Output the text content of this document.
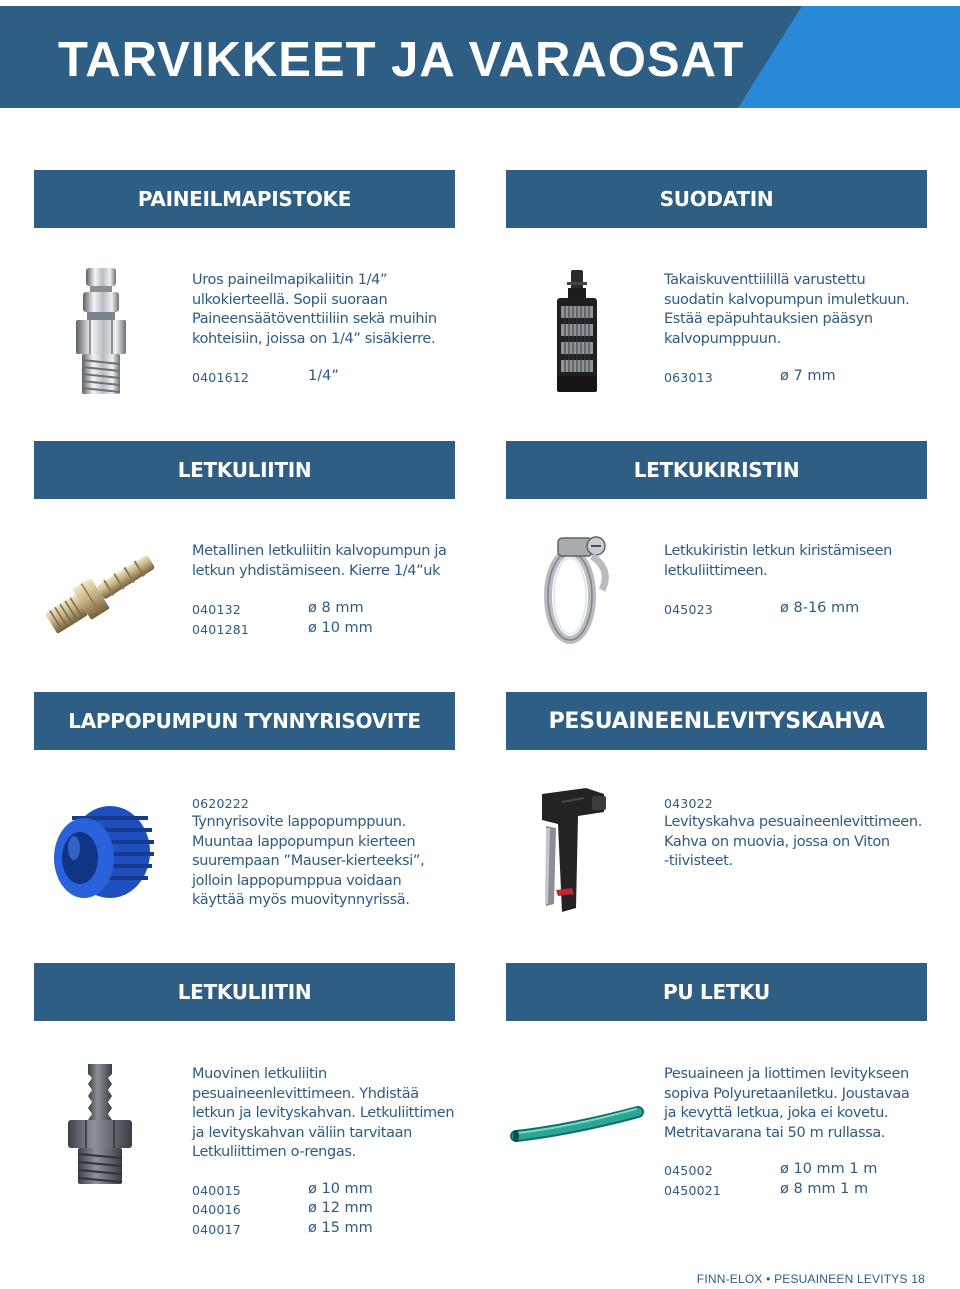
TARVIKKEET JA VARAOSAT
PAINEILMAPISTOKE	SUODATIN
Uros paineilmapikaliitin 1/4”
ulkokierteellä. Sopii suoraan
Paineensäätöventtiiliin sekä muihin
kohteisiin, joissa on 1/4” sisäkierre.
0401612	1/4”
Takaiskuventtiilillä varustettu
suodatin kalvopumpun imuletkuun.
Estää epäpuhtauksien pääsyn
kalvopumppuun.
063013	ø 7 mm
LETKULIITIN	LETKUKIRISTIN
Metallinen letkuliitin kalvopumpun ja
letkun yhdistämiseen. Kierre 1/4”uk
040132	ø 8 mm
0401281	ø 10 mm
Letkukiristin letkun kiristämiseen
letkuliittimeen.
045023	ø 8-16 mm
LAPPOPUMPUN TYNNYRISOVITE	PESUAINEENLEVITYSKAHVA
0620222
Tynnyrisovite lappopumppuun.
Muuntaa lappopumpun kierteen
suurempaan ”Mauser-kierteeksi”,
jolloin lappopumppua voidaan
käyttää myös muovitynnyrissä.
043022
Levityskahva pesuaineenlevittimeen.
Kahva on muovia, jossa on Viton
-tiivisteet.
LETKULIITIN	PU LETKU
Muovinen letkuliitin
pesuaineenlevittimeen. Yhdistää
letkun ja levityskahvan. Letkuliittimen
ja levityskahvan väliin tarvitaan
Letkuliittimen o-rengas.
040015	ø 10 mm
040016	ø 12 mm
040017	ø 15 mm
Pesuaineen ja liottimen levitykseen
sopiva Polyuretaaniletku. Joustavaa
ja kevyttä letkua, joka ei kovetu.
Metritavarana tai 50 m rullassa.
045002	ø 10 mm 1 m
0450021	ø 8 mm 1 m
FINN-ELOX • PESUAINEEN LEVITYS 18
